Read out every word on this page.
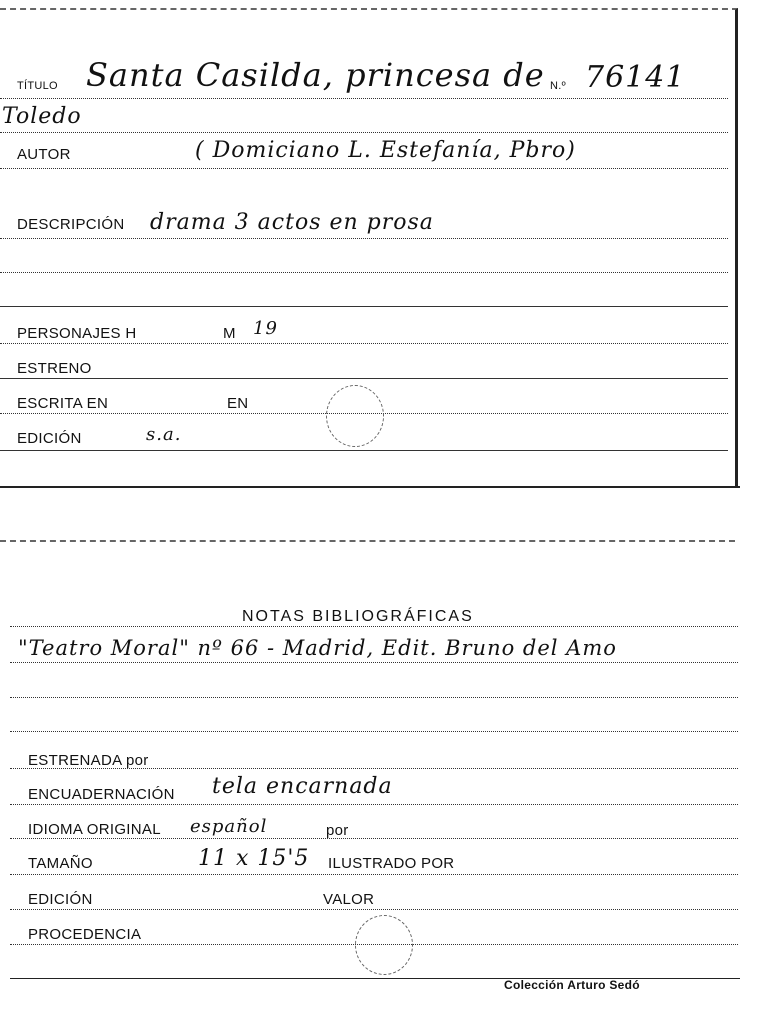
TÍTULO Santa Casilda, princesa de N.º 76141
Toledo
AUTOR	( Domiciano L. Estefanía, Pbro)
DESCRIPCIÓN drama 3 actos en prosa
PERSONAJES H	M 19
ESTRENO
ESCRITA EN	EN
EDICIÓN	s.a.
NOTAS BIBLIOGRÁFICAS
"Teatro Moral" nº 66 - Madrid, Edit. Bruno del Amo
ESTRENADA por
ENCUADERNACIÓN tela encarnada
IDIOMA ORIGINAL español	por
TAMAÑO	11 x 15'5 ILUSTRADO POR
EDICIÓN	VALOR
PROCEDENCIA
Colección Arturo Sedó
